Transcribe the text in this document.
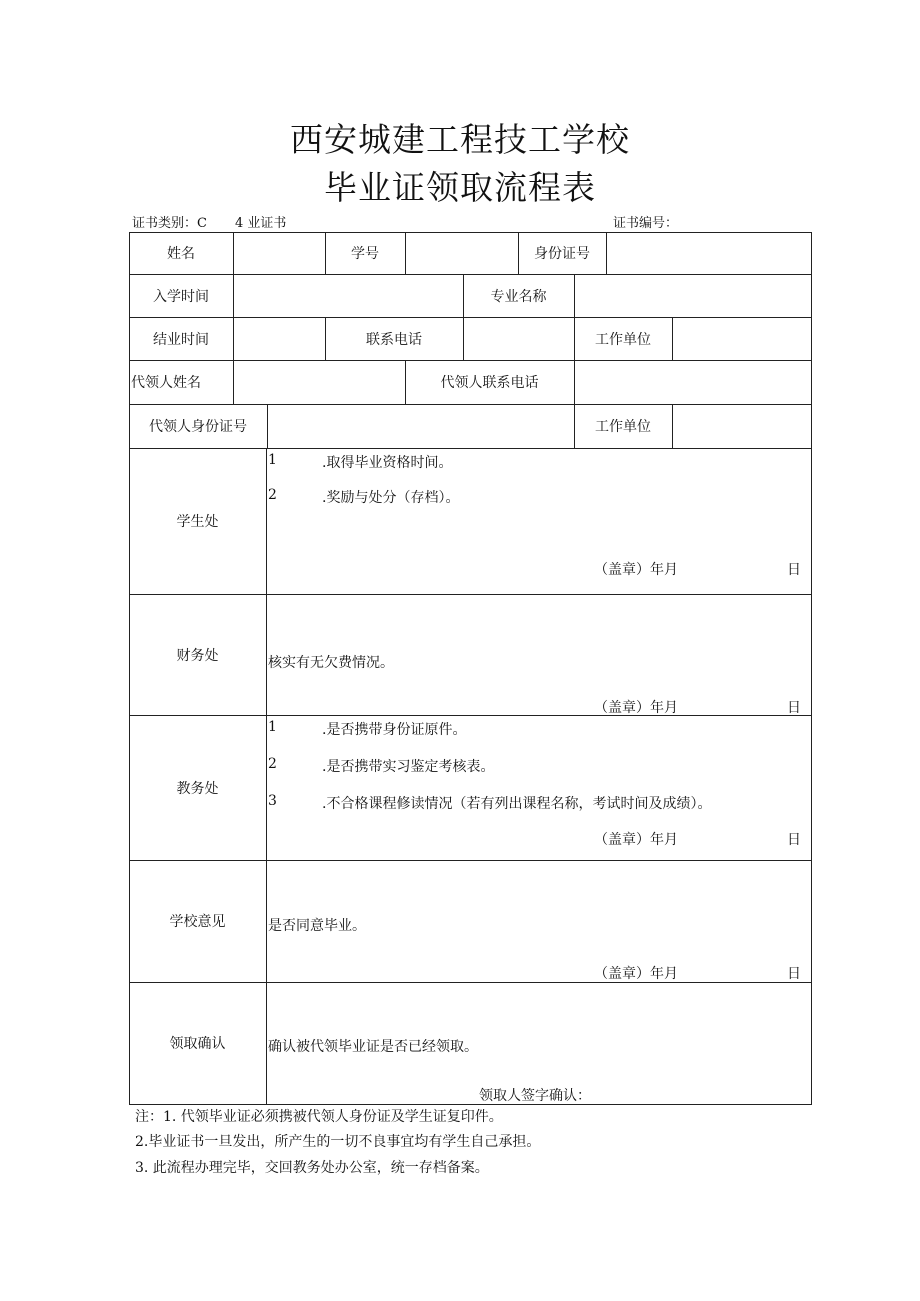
西安城建工程技工学校
毕业证领取流程表
证书类别：C 4 业证书	证书编号：
姓名	学号	身份证号
入学时间	专业名称
结业时间	联系电话	工作单位
代领人姓名	代领人联系电话
代领人身份证号	工作单位
学生处
1	.取得毕业资格时间。
2	.奖励与处分（存档）。
（盖章）年月	日
财务处	核实有无欠费情况。
（盖章）年月	日
教务处
1	.是否携带身份证原件。
2	.是否携带实习鉴定考核表。
3	.不合格课程修读情况（若有列出课程名称，考试时间及成绩）。
（盖章）年月	日
学校意见	是否同意毕业。
（盖章）年月	日
领取确认	确认被代领毕业证是否已经领取。
领取人签字确认：
注：1. 代领毕业证必须携被代领人身份证及学生证复印件。
2.毕业证书一旦发出，所产生的一切不良事宜均有学生自己承担。
3. 此流程办理完毕，交回教务处办公室，统一存档备案。
